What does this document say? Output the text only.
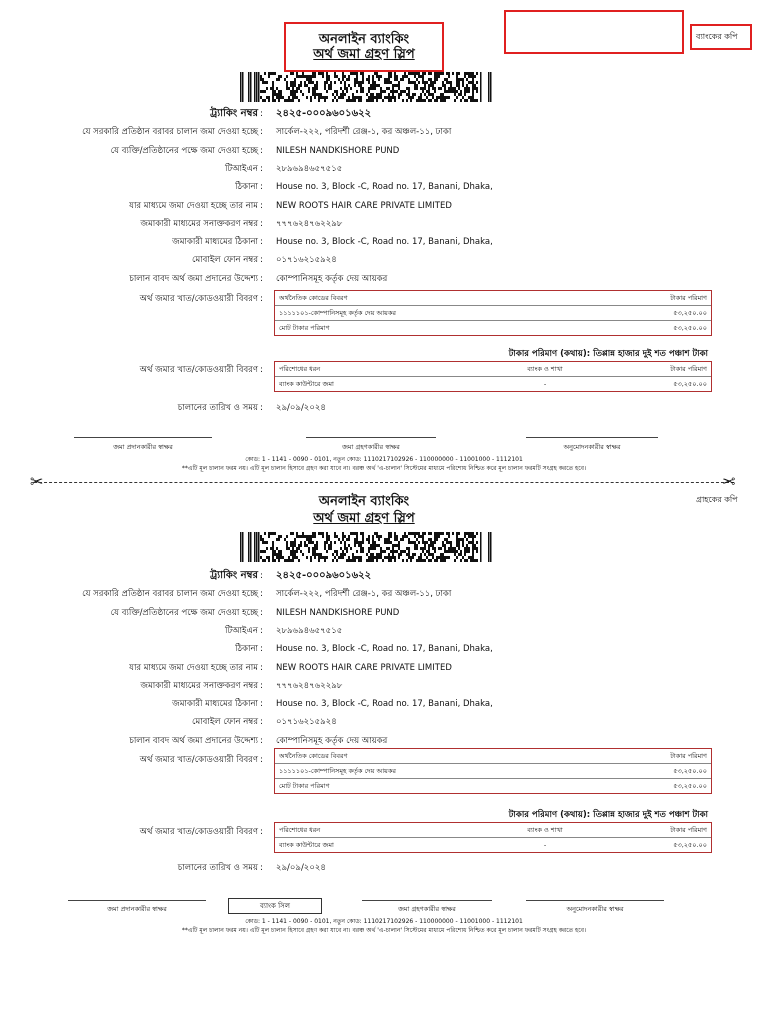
অনলাইন ব্যাংকিং
অর্থ জমা গ্রহণ স্লিপ
ব্যাংকের কপি
ট্র্যাকিং নম্বর : ২৪২৫-০০০৯৬০১৬২২
যে সরকারি প্রতিষ্ঠান বরাবর চালান জমা দেওয়া হচ্ছে : সার্কেল-২২২, পরিদর্শী রেঞ্জ-১, কর অঞ্চল-১১, ঢাকা
যে ব্যক্তি/প্রতিষ্ঠানের পক্ষে জমা দেওয়া হচ্ছে : NILESH NANDKISHORE PUND
টিআইএন : ২৮৯৬৯৪৬৫৭৫১৫
ঠিকানা : House no. 3, Block -C, Road no. 17, Banani, Dhaka,
যার মাধ্যমে জমা দেওয়া হচ্ছে তার নাম : NEW ROOTS HAIR CARE PRIVATE LIMITED
জমাকারী মাধ্যমের সনাক্তকরণ নম্বর : ৭৭৭৬২৪৭৬২২৯৮
জমাকারী মাধ্যমের ঠিকানা : House no. 3, Block -C, Road no. 17, Banani, Dhaka,
মোবাইল ফোন নম্বর : ০১৭১৬২১৫৯২৪
চালান বাবদ অর্থ জমা প্রদানের উদ্দেশ্য : কোম্পানিসমূহ কর্তৃক দেয় আয়কর
অর্থ জমার খাত/কোডওয়ারী বিবরণ : অর্থনৈতিক কোডের বিবরণ	টাকার পরিমাণ
১১১১১০১-কোম্পানিসমূহ কর্তৃক দেয় আয়কর	৫৩,২৫০.০০
মোট টাকার পরিমাণ	৫৩,২৫০.০০
টাকার পরিমাণ (কথায়): তিপ্পান্ন হাজার দুই শত পঞ্চাশ টাকা
অর্থ জমার খাত/কোডওয়ারী বিবরণ : পরিশোধের ধরন	ব্যাংক ও শাখা	টাকার পরিমাণ
ব্যাংক কাউন্টারে জমা	-	৫৩,২৫০.০০
চালানের তারিখ ও সময় : ২৯/০৯/২০২৪
জমা প্রদানকারীর স্বাক্ষর	জমা গ্রহণকারীর স্বাক্ষর	অনুমোদনকারীর স্বাক্ষর
কোড: 1 - 1141 - 0090 - 0101, নতুন কোড: 1110217102926 - 110000000 - 11001000 - 1112101
**এটি মূল চালান ফরম নয়। এটি মূল চালান হিসাবে গ্রহণ করা যাবে না। বরঞ্চ অর্থ 'এ-চালান' সিস্টেমের মাধ্যমে পরিশোধ নিশ্চিত করে মূল চালান ফরমটি সংগ্রহ করতে হবে।
✂	✂
অনলাইন ব্যাংকিং
অর্থ জমা গ্রহণ স্লিপ
গ্রাহকের কপি
ট্র্যাকিং নম্বর : ২৪২৫-০০০৯৬০১৬২২
যে সরকারি প্রতিষ্ঠান বরাবর চালান জমা দেওয়া হচ্ছে : সার্কেল-২২২, পরিদর্শী রেঞ্জ-১, কর অঞ্চল-১১, ঢাকা
যে ব্যক্তি/প্রতিষ্ঠানের পক্ষে জমা দেওয়া হচ্ছে : NILESH NANDKISHORE PUND
টিআইএন : ২৮৯৬৯৪৬৫৭৫১৫
ঠিকানা : House no. 3, Block -C, Road no. 17, Banani, Dhaka,
যার মাধ্যমে জমা দেওয়া হচ্ছে তার নাম : NEW ROOTS HAIR CARE PRIVATE LIMITED
জমাকারী মাধ্যমের সনাক্তকরণ নম্বর : ৭৭৭৬২৪৭৬২২৯৮
জমাকারী মাধ্যমের ঠিকানা : House no. 3, Block -C, Road no. 17, Banani, Dhaka,
মোবাইল ফোন নম্বর : ০১৭১৬২১৫৯২৪
চালান বাবদ অর্থ জমা প্রদানের উদ্দেশ্য : কোম্পানিসমূহ কর্তৃক দেয় আয়কর
অর্থ জমার খাত/কোডওয়ারী বিবরণ : অর্থনৈতিক কোডের বিবরণ	টাকার পরিমাণ
১১১১১০১-কোম্পানিসমূহ কর্তৃক দেয় আয়কর	৫৩,২৫০.০০
মোট টাকার পরিমাণ	৫৩,২৫০.০০
টাকার পরিমাণ (কথায়): তিপ্পান্ন হাজার দুই শত পঞ্চাশ টাকা
অর্থ জমার খাত/কোডওয়ারী বিবরণ : পরিশোধের ধরন	ব্যাংক ও শাখা	টাকার পরিমাণ
ব্যাংক কাউন্টারে জমা	-	৫৩,২৫০.০০
চালানের তারিখ ও সময় : ২৯/০৯/২০২৪
জমা প্রদানকারীর স্বাক্ষর	ব্যাংক সিল	জমা গ্রহণকারীর স্বাক্ষর	অনুমোদনকারীর স্বাক্ষর
কোড: 1 - 1141 - 0090 - 0101, নতুন কোড: 1110217102926 - 110000000 - 11001000 - 1112101
**এটি মূল চালান ফরম নয়। এটি মূল চালান হিসাবে গ্রহণ করা যাবে না। বরঞ্চ অর্থ 'এ-চালান' সিস্টেমের মাধ্যমে পরিশোধ নিশ্চিত করে মূল চালান ফরমটি সংগ্রহ করতে হবে।
